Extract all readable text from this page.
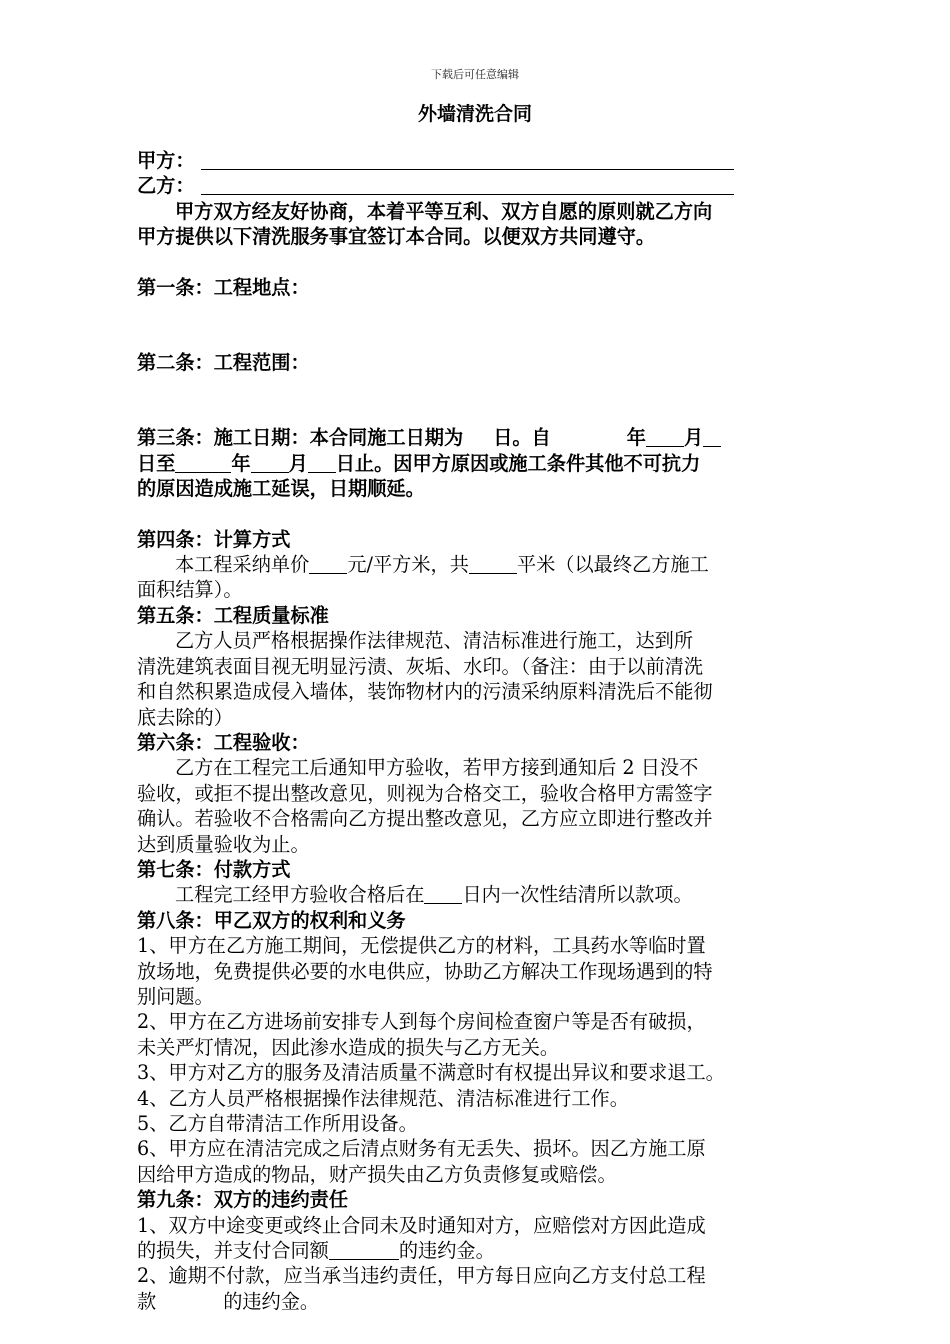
下载后可任意编辑
外墙清洗合同
甲方：
乙方：
甲方双方经友好协商，本着平等互利、双方自愿的原则就乙方向
甲方提供以下清洗服务事宜签订本合同。以便双方共同遵守。
第一条：工程地点：
第二条：工程范围：
第三条：施工日期：本合同施工日期为 日。自	年 月
日至	年 月 日止。因甲方原因或施工条件其他不可抗力
的原因造成施工延误，日期顺延。
第四条：计算方式
本工程采纳单价 元/平方米，共	平米（以最终乙方施工
面积结算）。
第五条：工程质量标准
乙方人员严格根据操作法律规范、清洁标准进行施工，达到所
清洗建筑表面目视无明显污渍、灰垢、水印。（备注：由于以前清洗
和自然积累造成侵入墙体，装饰物材内的污渍采纳原料清洗后不能彻
底去除的）
第六条：工程验收：
乙方在工程完工后通知甲方验收，若甲方接到通知后 2 日没不
验收，或拒不提出整改意见，则视为合格交工，验收合格甲方需签字
确认。若验收不合格需向乙方提出整改意见，乙方应立即进行整改并
达到质量验收为止。
第七条：付款方式
工程完工经甲方验收合格后在 日内一次性结清所以款项。
第八条：甲乙双方的权利和义务
1、甲方在乙方施工期间，无偿提供乙方的材料，工具药水等临时置
放场地，免费提供必要的水电供应，协助乙方解决工作现场遇到的特
别问题。
2、甲方在乙方进场前安排专人到每个房间检查窗户等是否有破损，
未关严灯情况，因此渗水造成的损失与乙方无关。
3、甲方对乙方的服务及清洁质量不满意时有权提出异议和要求退工。
4、乙方人员严格根据操作法律规范、清洁标准进行工作。
5、乙方自带清洁工作所用设备。
6、甲方应在清洁完成之后清点财务有无丢失、损坏。因乙方施工原
因给甲方造成的物品，财产损失由乙方负责修复或赔偿。
第九条：双方的违约责任
1、双方中途变更或终止合同未及时通知对方，应赔偿对方因此造成
的损失，并支付合同额	的违约金。
2、逾期不付款，应当承当违约责任，甲方每日应向乙方支付总工程
款	的违约金。
